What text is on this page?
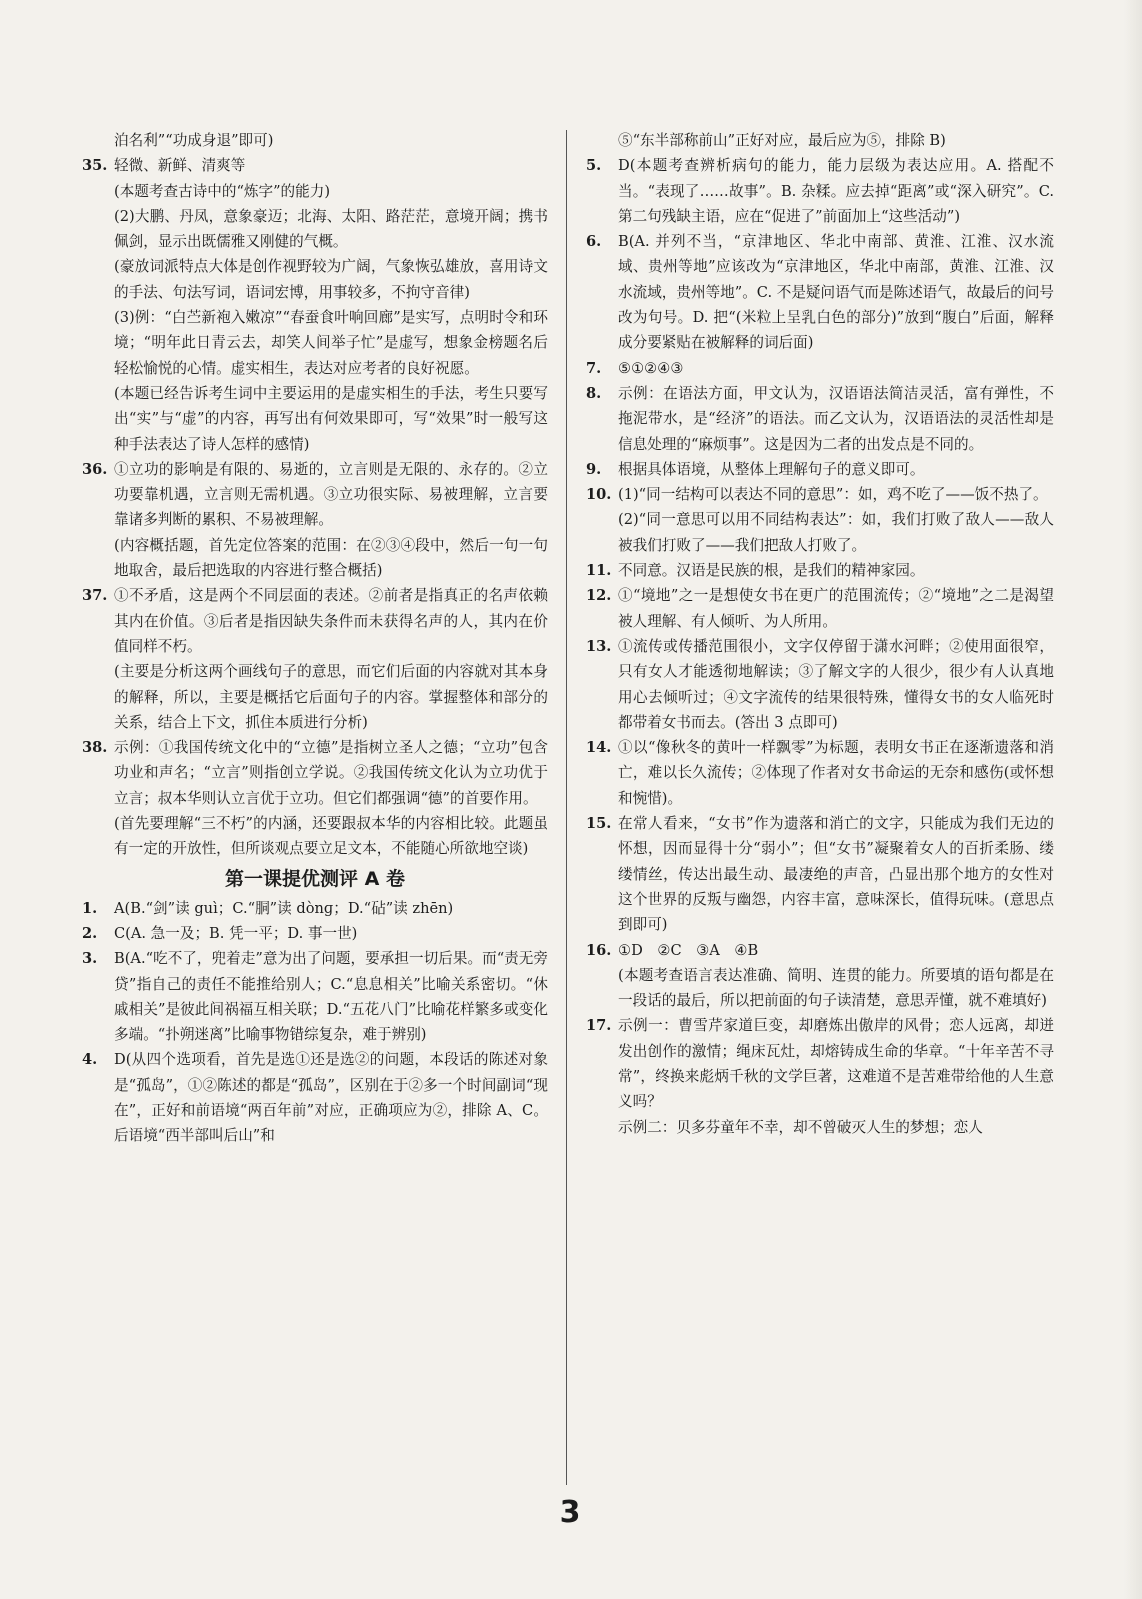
泊名利”“功成身退”即可)
35. 轻微、新鲜、清爽等
(本题考查古诗中的“炼字”的能力)
(2)大鹏、丹凤，意象豪迈；北海、太阳、路茫茫，意境开阔；携书佩剑，显示出既儒雅又刚健的气概。
(豪放词派特点大体是创作视野较为广阔，气象恢弘雄放，喜用诗文的手法、句法写词，语词宏博，用事较多，不拘守音律)
(3)例：“白苎新袍入嫩凉”“春蚕食叶响回廊”是实写，点明时令和环境；“明年此日青云去，却笑人间举子忙”是虚写，想象金榜题名后轻松愉悦的心情。虚实相生，表达对应考者的良好祝愿。
(本题已经告诉考生词中主要运用的是虚实相生的手法，考生只要写出“实”与“虚”的内容，再写出有何效果即可，写“效果”时一般写这种手法表达了诗人怎样的感情)
36. ①立功的影响是有限的、易逝的，立言则是无限的、永存的。②立功要靠机遇，立言则无需机遇。③立功很实际、易被理解，立言要靠诸多判断的累积、不易被理解。
(内容概括题，首先定位答案的范围：在②③④段中，然后一句一句地取舍，最后把选取的内容进行整合概括)
37. ①不矛盾，这是两个不同层面的表述。②前者是指真正的名声依赖其内在价值。③后者是指因缺失条件而未获得名声的人，其内在价值同样不朽。
(主要是分析这两个画线句子的意思，而它们后面的内容就对其本身的解释，所以，主要是概括它后面句子的内容。掌握整体和部分的关系，结合上下文，抓住本质进行分析)
38. 示例：①我国传统文化中的“立德”是指树立圣人之德；“立功”包含功业和声名；“立言”则指创立学说。②我国传统文化认为立功优于立言；叔本华则认立言优于立功。但它们都强调“德”的首要作用。
(首先要理解“三不朽”的内涵，还要跟叔本华的内容相比较。此题虽有一定的开放性，但所谈观点要立足文本，不能随心所欲地空谈)
第一课提优测评 A 卷
1.	A(B.“剑”读 guì；C.“胴”读 dònɡ；D.“砧”读 zhēn)
2.	C(A. 急一及；B. 凭一平；D. 事一世)
3.	B(A.“吃不了，兜着走”意为出了问题，要承担一切后果。而“责无旁贷”指自己的责任不能推给别人；C.“息息相关”比喻关系密切。“休戚相关”是彼此间祸福互相关联；D.“五花八门”比喻花样繁多或变化多端。“扑朔迷离”比喻事物错综复杂，难于辨别)
4.	D(从四个选项看，首先是选①还是选②的问题，本段话的陈述对象是“孤岛”，①②陈述的都是“孤岛”，区别在于②多一个时间副词“现在”，正好和前语境“两百年前”对应，正确项应为②，排除 A、C。后语境“西半部叫后山”和
⑤“东半部称前山”正好对应，最后应为⑤，排除 B)
5.	D(本题考查辨析病句的能力，能力层级为表达应用。A. 搭配不当。“表现了……故事”。B. 杂糅。应去掉“距离”或“深入研究”。C. 第二句残缺主语，应在“促进了”前面加上“这些活动”)
6.	B(A. 并列不当，“京津地区、华北中南部、黄淮、江淮、汉水流域、贵州等地”应该改为“京津地区，华北中南部，黄淮、江淮、汉水流域，贵州等地”。C. 不是疑问语气而是陈述语气，故最后的问号改为句号。D. 把“(米粒上呈乳白色的部分)”放到“腹白”后面，解释成分要紧贴在被解释的词后面)
7.	⑤①②④③
8.	示例：在语法方面，甲文认为，汉语语法简洁灵活，富有弹性，不拖泥带水，是“经济”的语法。而乙文认为，汉语语法的灵活性却是信息处理的“麻烦事”。这是因为二者的出发点是不同的。
9.	根据具体语境，从整体上理解句子的意义即可。
10. (1)“同一结构可以表达不同的意思”：如，鸡不吃了——饭不热了。
(2)“同一意思可以用不同结构表达”：如，我们打败了敌人——敌人被我们打败了——我们把敌人打败了。
11. 不同意。汉语是民族的根，是我们的精神家园。
12. ①“境地”之一是想使女书在更广的范围流传；②“境地”之二是渴望被人理解、有人倾听、为人所用。
13. ①流传或传播范围很小，文字仅停留于潇水河畔；②使用面很窄，只有女人才能透彻地解读；③了解文字的人很少，很少有人认真地用心去倾听过；④文字流传的结果很特殊，懂得女书的女人临死时都带着女书而去。(答出 3 点即可)
14. ①以“像秋冬的黄叶一样飘零”为标题，表明女书正在逐渐遗落和消亡，难以长久流传；②体现了作者对女书命运的无奈和感伤(或怀想和惋惜)。
15. 在常人看来，“女书”作为遗落和消亡的文字，只能成为我们无边的怀想，因而显得十分“弱小”；但“女书”凝聚着女人的百折柔肠、缕缕情丝，传达出最生动、最凄绝的声音，凸显出那个地方的女性对这个世界的反叛与幽怨，内容丰富，意味深长，值得玩味。(意思点到即可)
16. ①D　②C　③A　④B
(本题考查语言表达准确、简明、连贯的能力。所要填的语句都是在一段话的最后，所以把前面的句子读清楚，意思弄懂，就不难填好)
17. 示例一：曹雪芹家道巨变，却磨炼出傲岸的风骨；恋人远离，却迸发出创作的激情；绳床瓦灶，却熔铸成生命的华章。“十年辛苦不寻常”，终换来彪炳千秋的文学巨著，这难道不是苦难带给他的人生意义吗？
示例二：贝多芬童年不幸，却不曾破灭人生的梦想；恋人
3
